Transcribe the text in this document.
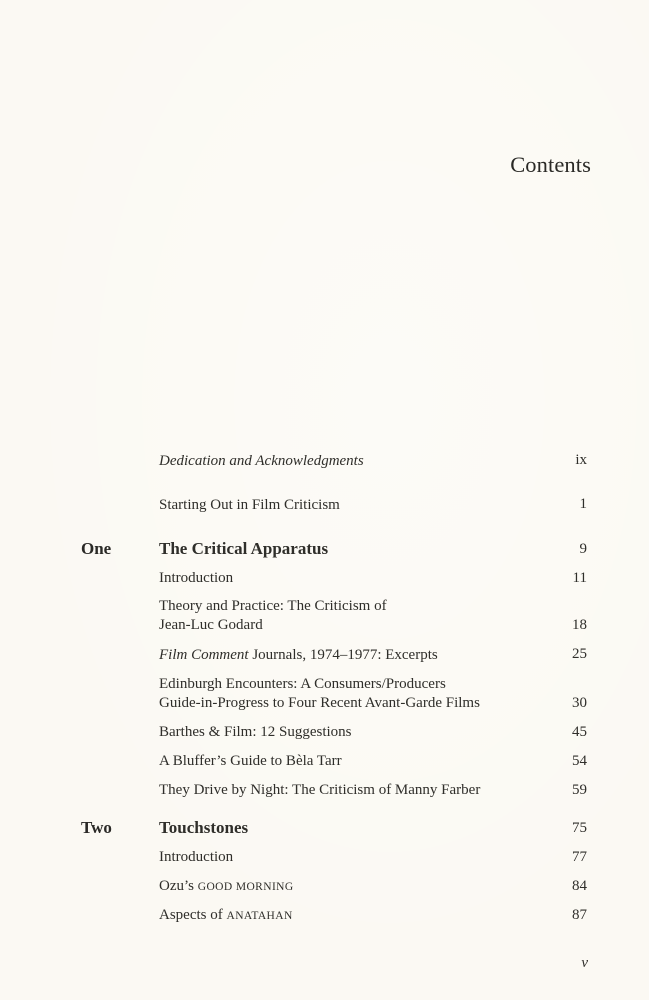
Contents
Dedication and Acknowledgments	ix
Starting Out in Film Criticism	1
One	The Critical Apparatus	9
Introduction	11
Theory and Practice: The Criticism of
Jean-Luc Godard	18
Film Comment Journals, 1974–1977: Excerpts	25
Edinburgh Encounters: A Consumers/Producers
Guide-in-Progress to Four Recent Avant-Garde Films	30
Barthes & Film: 12 Suggestions	45
A Bluffer’s Guide to Bèla Tarr	54
They Drive by Night: The Criticism of Manny Farber	59
Two	Touchstones	75
Introduction	77
Ozu’s GOOD MORNING	84
Aspects of ANATAHAN	87
v
